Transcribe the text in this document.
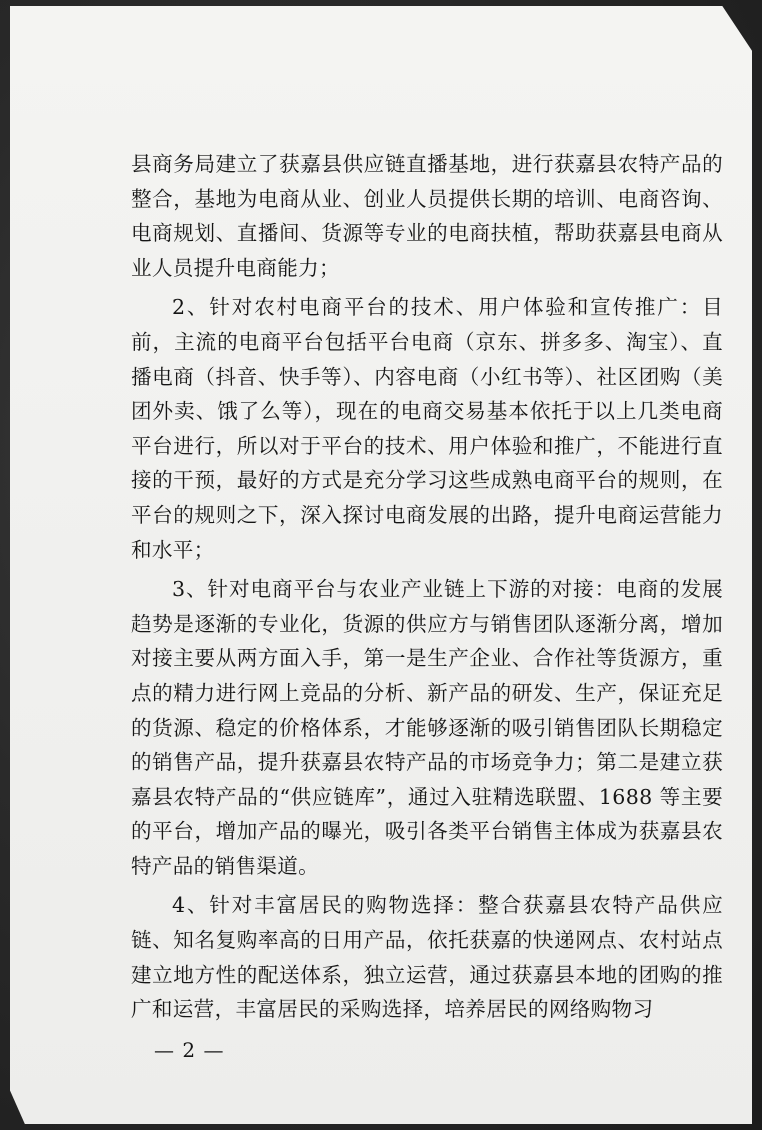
县商务局建立了获嘉县供应链直播基地，进行获嘉县农特产品的整合，基地为电商从业、创业人员提供长期的培训、电商咨询、电商规划、直播间、货源等专业的电商扶植，帮助获嘉县电商从业人员提升电商能力；

2、针对农村电商平台的技术、用户体验和宣传推广：目前，主流的电商平台包括平台电商（京东、拼多多、淘宝）、直播电商（抖音、快手等）、内容电商（小红书等）、社区团购（美团外卖、饿了么等），现在的电商交易基本依托于以上几类电商平台进行，所以对于平台的技术、用户体验和推广，不能进行直接的干预，最好的方式是充分学习这些成熟电商平台的规则，在平台的规则之下，深入探讨电商发展的出路，提升电商运营能力和水平；

3、针对电商平台与农业产业链上下游的对接：电商的发展趋势是逐渐的专业化，货源的供应方与销售团队逐渐分离，增加对接主要从两方面入手，第一是生产企业、合作社等货源方，重点的精力进行网上竞品的分析、新产品的研发、生产，保证充足的货源、稳定的价格体系，才能够逐渐的吸引销售团队长期稳定的销售产品，提升获嘉县农特产品的市场竞争力；第二是建立获嘉县农特产品的“供应链库”，通过入驻精选联盟、1688 等主要的平台，增加产品的曝光，吸引各类平台销售主体成为获嘉县农特产品的销售渠道。

4、针对丰富居民的购物选择：整合获嘉县农特产品供应链、知名复购率高的日用产品，依托获嘉的快递网点、农村站点建立地方性的配送体系，独立运营，通过获嘉县本地的团购的推广和运营，丰富居民的采购选择，培养居民的网络购物习

— 2 —
